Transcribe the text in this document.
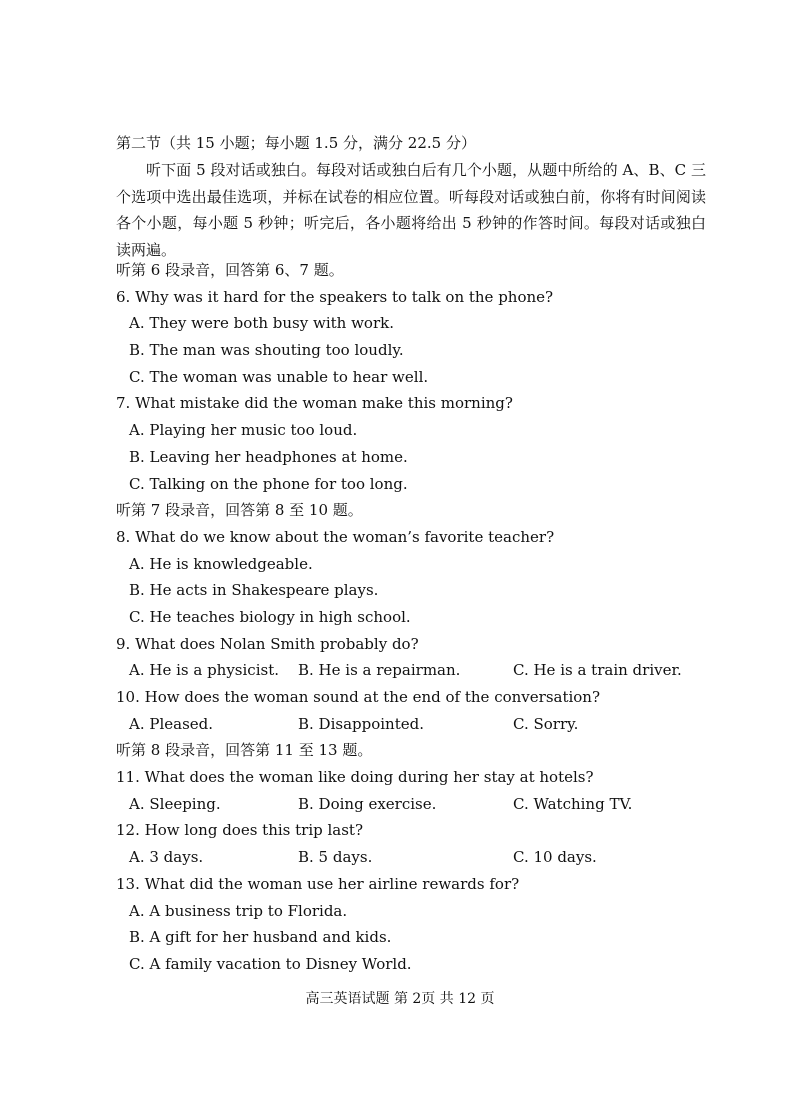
第二节（共 15 小题；每小题 1.5 分，满分 22.5 分）
听下面 5 段对话或独白。每段对话或独白后有几个小题，从题中所给的 A、B、C 三个选项中选出最佳选项，并标在试卷的相应位置。听每段对话或独白前，你将有时间阅读各个小题，每小题 5 秒钟；听完后，各小题将给出 5 秒钟的作答时间。每段对话或独白读两遍。
听第 6 段录音，回答第 6、7 题。
6. Why was it hard for the speakers to talk on the phone?
A. They were both busy with work.
B. The man was shouting too loudly.
C. The woman was unable to hear well.
7. What mistake did the woman make this morning?
A. Playing her music too loud.
B. Leaving her headphones at home.
C. Talking on the phone for too long.
听第 7 段录音，回答第 8 至 10 题。
8. What do we know about the woman’s favorite teacher?
A. He is knowledgeable.
B. He acts in Shakespeare plays.
C. He teaches biology in high school.
9. What does Nolan Smith probably do?
A. He is a physicist.	B. He is a repairman.	C. He is a train driver.
10. How does the woman sound at the end of the conversation?
A. Pleased.	B. Disappointed.	C. Sorry.
听第 8 段录音，回答第 11 至 13 题。
11. What does the woman like doing during her stay at hotels?
A. Sleeping.	B. Doing exercise.	C. Watching TV.
12. How long does this trip last?
A. 3 days.	B. 5 days.	C. 10 days.
13. What did the woman use her airline rewards for?
A. A business trip to Florida.
B. A gift for her husband and kids.
C. A family vacation to Disney World.
高三英语试题 第 2页 共 12 页
